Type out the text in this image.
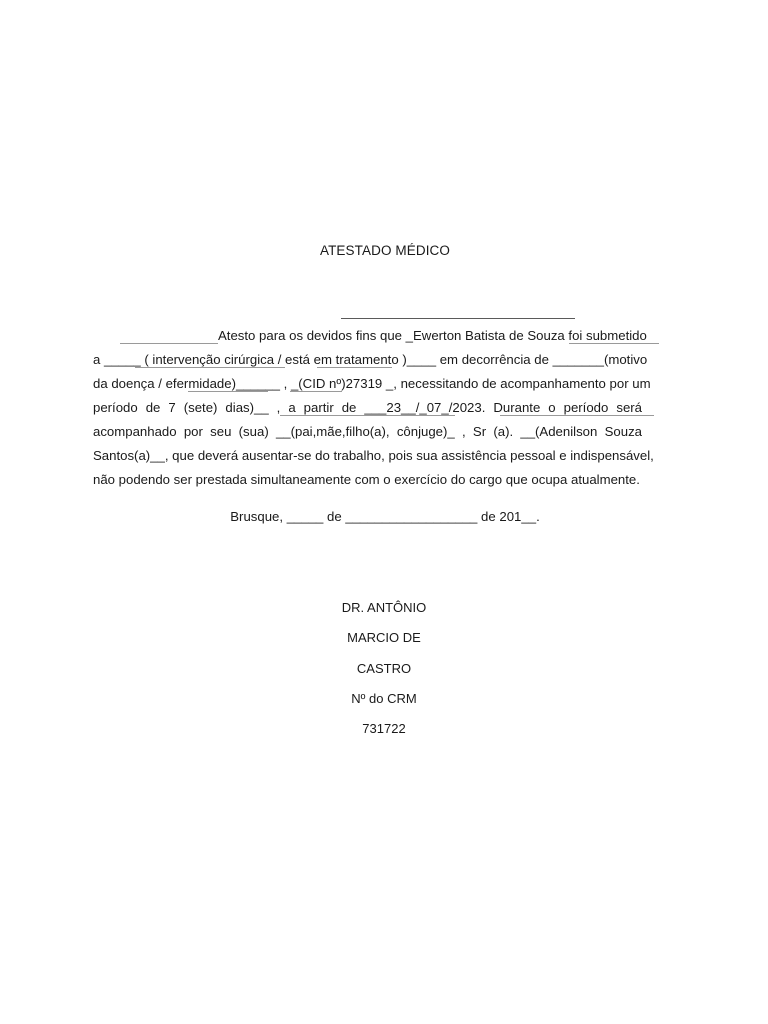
ATESTADO MÉDICO
Atesto para os devidos fins que _Ewerton Batista de Souza foi submetido
a _____ ( intervenção cirúrgica / está em tratamento )____ em decorrência de _______(motivo
da doença / efermidade)______ , _(CID nº)27319 _, necessitando de acompanhamento por um
período de 7 (sete) dias)__ , a partir de ___23__/_07_/2023. Durante o período será
acompanhado por seu (sua) __(pai,mãe,filho(a), cônjuge)_ , Sr (a). __(Adenilson Souza
Santos(a)__, que deverá ausentar-se do trabalho, pois sua assistência pessoal e indispensável,
não podendo ser prestada simultaneamente com o exercício do cargo que ocupa atualmente.
Brusque, _____ de __________________ de 201__.
DR. ANTÔNIO
MARCIO DE
CASTRO
Nº do CRM
731722
